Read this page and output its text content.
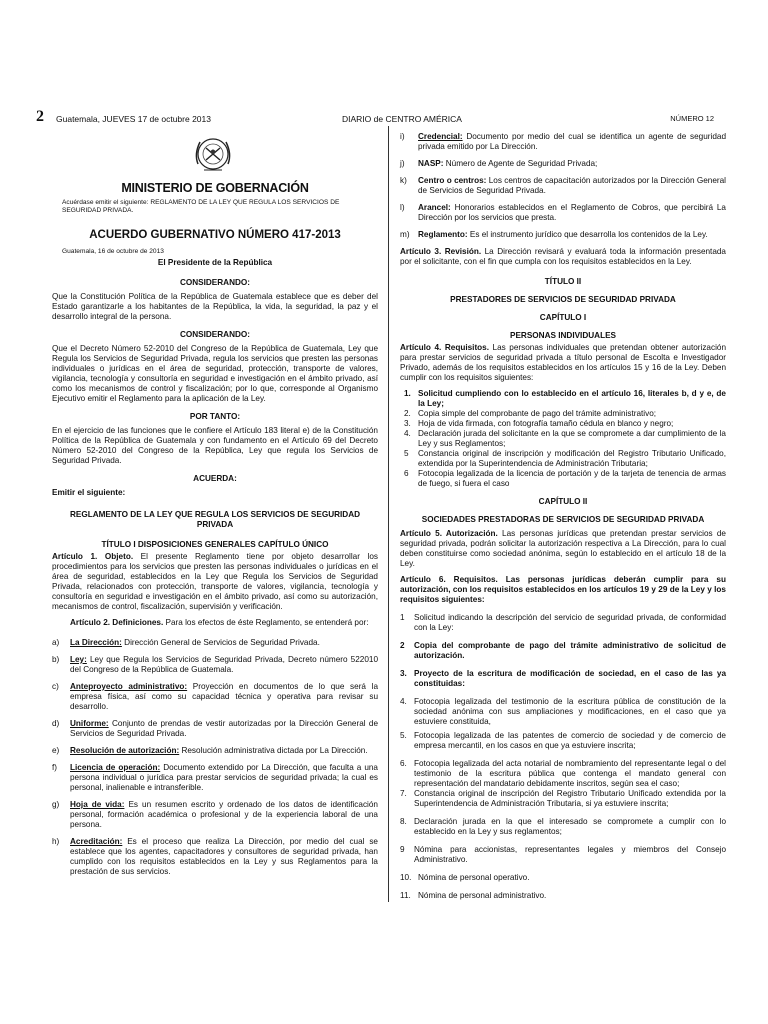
2 Guatemala, JUEVES 17 de octubre 2013	DIARIO de CENTRO AMÉRICA	NÚMERO 12
MINISTERIO DE GOBERNACIÓN
Acuérdase emitir el siguiente: REGLAMENTO DE LA LEY QUE REGULA LOS SERVICIOS DE SEGURIDAD PRIVADA.
ACUERDO GUBERNATIVO NÚMERO 417-2013
Guatemala, 16 de octubre de 2013
El Presidente de la República
CONSIDERANDO:

Que la Constitución Política de la República de Guatemala establece que es deber del Estado garantizarle a los habitantes de la República, la vida, la seguridad, la paz y el desarrollo integral de la persona.

CONSIDERANDO:

Que el Decreto Número 52-2010 del Congreso de la República de Guatemala, Ley que Regula los Servicios de Seguridad Privada, regula los servicios que presten las personas individuales o jurídicas en el área de seguridad, protección, transporte de valores, vigilancia, tecnología y consultoría en seguridad e investigación en el ámbito privado, así como los mecanismos de control y fiscalización; por lo que, corresponde al Organismo Ejecutivo emitir el Reglamento para la aplicación de la Ley.

POR TANTO:

En el ejercicio de las funciones que le confiere el Artículo 183 literal e) de la Constitución Política de la República de Guatemala y con fundamento en el Artículo 69 del Decreto Número 52-2010 del Congreso de la República, Ley que regula los Servicios de Seguridad Privada.

ACUERDA:

Emitir el siguiente:

REGLAMENTO DE LA LEY QUE REGULA LOS SERVICIOS DE SEGURIDAD PRIVADA
TÍTULO I DISPOSICIONES GENERALES CAPÍTULO ÚNICO

Artículo 1. Objeto. El presente Reglamento tiene por objeto desarrollar los procedimientos para los servicios que presten las personas individuales o jurídicas en el área de seguridad, establecidos en la Ley que Regula los Servicios de Seguridad Privada, relacionados con protección, transporte de valores, vigilancia, tecnología y consultoría en seguridad e investigación en el ámbito privado, así como su autorización, mecanismos de control, fiscalización, supervisión y verificación.

Artículo 2. Definiciones. Para los efectos de éste Reglamento, se entenderá por:

a)	La Dirección: Dirección General de Servicios de Seguridad Privada.
b)	Ley: Ley que Regula los Servicios de Seguridad Privada, Decreto número 522010 del Congreso de la República de Guatemala.
c)	Anteproyecto administrativo: Proyección en documentos de lo que será la empresa física, así como su capacidad técnica y operativa para revisar su desarrollo.
d)	Uniforme: Conjunto de prendas de vestir autorizadas por la Dirección General de Servicios de Seguridad Privada.
e)	Resolución de autorización: Resolución administrativa dictada por La Dirección.
f)	Licencia de operación: Documento extendido por La Dirección, que faculta a una persona individual o jurídica para prestar servicios de seguridad privada; la cual es personal, inalienable e intransferible.
g)	Hoja de vida: Es un resumen escrito y ordenado de los datos de identificación personal, formación académica o profesional y de la experiencia laboral de una persona.
h)	Acreditación: Es el proceso que realiza La Dirección, por medio del cual se establece que los agentes, capacitadores y consultores de seguridad privada, han cumplido con los requisitos establecidos en la Ley y sus Reglamentos para la prestación de sus servicios.
i)	Credencial: Documento por medio del cual se identifica un agente de seguridad privada emitido por La Dirección.
j)	NASP: Número de Agente de Seguridad Privada;
k)	Centro o centros: Los centros de capacitación autorizados por la Dirección General de Servicios de Seguridad Privada.
l)	Arancel: Honorarios establecidos en el Reglamento de Cobros, que percibirá La Dirección por los servicios que presta.
m)	Reglamento: Es el instrumento jurídico que desarrolla los contenidos de la Ley.

Artículo 3. Revisión. La Dirección revisará y evaluará toda la información presentada por el solicitante, con el fin que cumpla con los requisitos establecidos en la Ley.

TÍTULO II
PRESTADORES DE SERVICIOS DE SEGURIDAD PRIVADA
CAPÍTULO I
PERSONAS INDIVIDUALES

Artículo 4. Requisitos. Las personas individuales que pretendan obtener autorización para prestar servicios de seguridad privada a título personal de Escolta e Investigador Privado, además de los requisitos establecidos en los artículos 15 y 16 de la Ley. Deben cumplir con los requisitos siguientes:

1. Solicitud cumpliendo con lo establecido en el artículo 16, literales b, d y e, de la Ley;
2. Copia simple del comprobante de pago del trámite administrativo;
3. Hoja de vida firmada, con fotografía tamaño cédula en blanco y negro;
4. Declaración jurada del solicitante en la que se compromete a dar cumplimiento de la Ley y sus Reglamentos;
5	Constancia original de inscripción y modificación del Registro Tributario Unificado, extendida por la Superintendencia de Administración Tributaria;
6	Fotocopia legalizada de la licencia de portación y de la tarjeta de tenencia de armas de fuego, si fuera el caso
CAPÍTULO II
SOCIEDADES PRESTADORAS DE SERVICIOS DE SEGURIDAD PRIVADA

Artículo 5. Autorización. Las personas jurídicas que pretendan prestar servicios de seguridad privada, podrán solicitar la autorización respectiva a La Dirección, para lo cual deben constituirse como sociedad anónima, según lo establecido en el artículo 18 de la Ley.

Artículo 6. Requisitos. Las personas jurídicas deberán cumplir para su autorización, con los requisitos establecidos en los artículos 19 y 29 de la Ley y los requisitos siguientes:

1	Solicitud indicando la descripción del servicio de seguridad privada, de conformidad con la Ley:
2	Copia del comprobante de pago del trámite administrativo de solicitud de autorización.
3. Proyecto de la escritura de modificación de sociedad, en el caso de las ya constituidas:
4. Fotocopia legalizada del testimonio de la escritura pública de constitución de la sociedad anónima con sus ampliaciones y modificaciones, en el caso que ya estuviere constituida,
5. Fotocopia legalizada de las patentes de comercio de sociedad y de comercio de empresa mercantil, en los casos en que ya estuviere inscrita;
6. Fotocopia legalizada del acta notarial de nombramiento del representante legal o del testimonio de la escritura pública que contenga el mandato general con representación del mandatario debidamente inscritos, según sea el caso;
7. Constancia original de inscripción del Registro Tributario Unificado extendida por la Superintendencia de Administración Tributaria, si ya estuviere inscrita;
8. Declaración jurada en la que el interesado se compromete a cumplir con lo establecido en la Ley y sus reglamentos;
9	Nómina para accionistas, representantes legales y miembros del Consejo Administrativo.
10. Nómina de personal operativo.
11. Nómina de personal administrativo.
